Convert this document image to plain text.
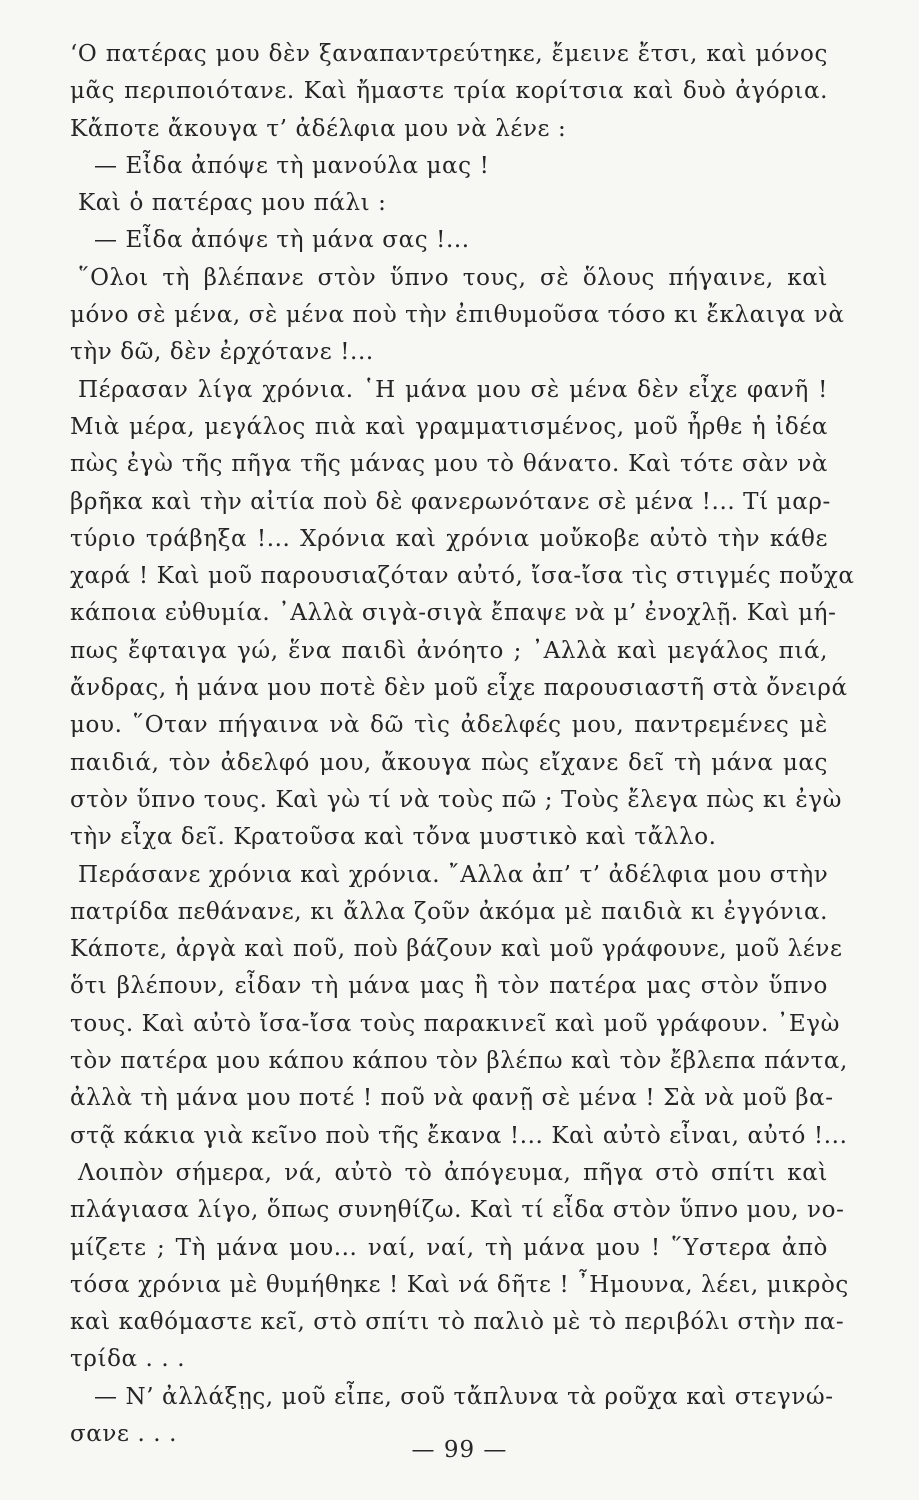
‘Ο πατέρας μου δὲν ξαναπαντρεύτηκε, ἔμεινε ἔτσι, καὶ μόνος
μᾶς περιποιότανε. Καὶ ἤμαστε τρία κορίτσια καὶ δυὸ ἀγόρια.
Κἄποτε ἄκουγα τ’ ἀδέλφια μου νὰ λένε :
— Εἶδα ἀπόψε τὴ μανούλα μας !
Καὶ ὁ πατέρας μου πάλι :
— Εἶδα ἀπόψε τὴ μάνα σας !...
῞Ολοι τὴ βλέπανε στὸν ὕπνο τους, σὲ ὅλους πήγαινε, καὶ
μόνο σὲ μένα, σὲ μένα ποὺ τὴν ἐπιθυμοῦσα τόσο κι ἔκλαιγα νὰ
τὴν δῶ, δὲν ἐρχότανε !...
Πέρασαν λίγα χρόνια. ῾Η μάνα μου σὲ μένα δὲν εἶχε φανῆ !
Μιὰ μέρα, μεγάλος πιὰ καὶ γραμματισμένος, μοῦ ἦρθε ἡ ἰδέα
πὼς ἐγὼ τῆς πῆγα τῆς μάνας μου τὸ θάνατο. Καὶ τότε σὰν νὰ
βρῆκα καὶ τὴν αἰτία ποὺ δὲ φανερωνότανε σὲ μένα !... Τί μαρ-
τύριο τράβηξα !... Χρόνια καὶ χρόνια μοὔκοβε αὐτὸ τὴν κάθε
χαρά ! Καὶ μοῦ παρουσιαζόταν αὐτό, ἴσα-ἴσα τὶς στιγμές ποὔχα
κάποια εὐθυμία. ᾿Αλλὰ σιγὰ-σιγὰ ἔπαψε νὰ μ’ ἐνοχλῇ. Καὶ μή-
πως ἔφταιγα γώ, ἕνα παιδὶ ἀνόητο ; ᾿Αλλὰ καὶ μεγάλος πιά,
ἄνδρας, ἡ μάνα μου ποτὲ δὲν μοῦ εἶχε παρουσιαστῆ στὰ ὄνειρά
μου. ῞Οταν πήγαινα νὰ δῶ τὶς ἀδελφές μου, παντρεμένες μὲ
παιδιά, τὸν ἀδελφό μου, ἄκουγα πὼς εἴχανε δεῖ τὴ μάνα μας
στὸν ὕπνο τους. Καὶ γὼ τί νὰ τοὺς πῶ ; Τοὺς ἔλεγα πὼς κι ἐγὼ
τὴν εἶχα δεῖ. Κρατοῦσα καὶ τὄνα μυστικὸ καὶ τἄλλο.
Περάσανε χρόνια καὶ χρόνια. ῎Αλλα ἀπ’ τ’ ἀδέλφια μου στὴν
πατρίδα πεθάνανε, κι ἄλλα ζοῦν ἀκόμα μὲ παιδιὰ κι ἐγγόνια.
Κάποτε, ἀργὰ καὶ ποῦ, ποὺ βάζουν καὶ μοῦ γράφουνε, μοῦ λένε
ὅτι βλέπουν, εἶδαν τὴ μάνα μας ἢ τὸν πατέρα μας στὸν ὕπνο
τους. Καὶ αὐτὸ ἴσα-ἴσα τοὺς παρακινεῖ καὶ μοῦ γράφουν. ᾿Εγὼ
τὸν πατέρα μου κάπου κάπου τὸν βλέπω καὶ τὸν ἔβλεπα πάντα,
ἀλλὰ τὴ μάνα μου ποτέ ! ποῦ νὰ φανῇ σὲ μένα ! Σὰ νὰ μοῦ βα-
στᾷ κάκια γιὰ κεῖνο ποὺ τῆς ἔκανα !... Καὶ αὐτὸ εἶναι, αὐτό !...
Λοιπὸν σήμερα, νά, αὐτὸ τὸ ἀπόγευμα, πῆγα στὸ σπίτι καὶ
πλάγιασα λίγο, ὅπως συνηθίζω. Καὶ τί εἶδα στὸν ὕπνο μου, νο-
μίζετε ; Τὴ μάνα μου... ναί, ναί, τὴ μάνα μου ! ῞Υστερα ἀπὸ
τόσα χρόνια μὲ θυμήθηκε ! Καὶ νά δῆτε ! ῏Ημουνα, λέει, μικρὸς
καὶ καθόμαστε κεῖ, στὸ σπίτι τὸ παλιὸ μὲ τὸ περιβόλι στὴν πα-
τρίδα . . .
— Ν’ ἀλλάξῃς, μοῦ εἶπε, σοῦ τἄπλυνα τὰ ροῦχα καὶ στεγνώ-
σανε . . .
— 99 —
